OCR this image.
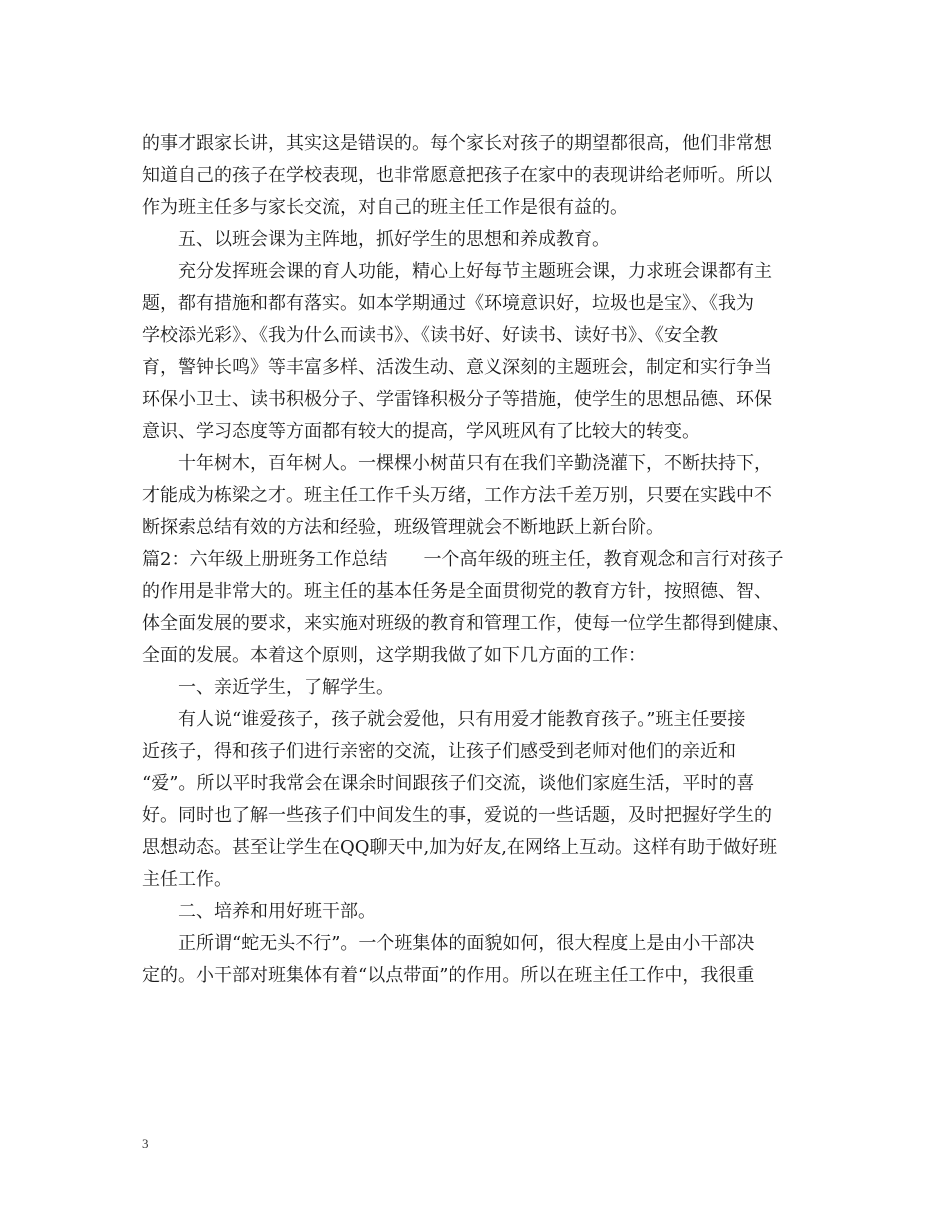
的事才跟家长讲，其实这是错误的。每个家长对孩子的期望都很高，他们非常想
知道自己的孩子在学校表现，也非常愿意把孩子在家中的表现讲给老师听。所以
作为班主任多与家长交流，对自己的班主任工作是很有益的。
五、以班会课为主阵地，抓好学生的思想和养成教育。
充分发挥班会课的育人功能，精心上好每节主题班会课，力求班会课都有主
题，都有措施和都有落实。如本学期通过《环境意识好，垃圾也是宝》、《我为
学校添光彩》、《我为什么而读书》、《读书好、好读书、读好书》、《安全教
育，警钟长鸣》等丰富多样、活泼生动、意义深刻的主题班会，制定和实行争当
环保小卫士、读书积极分子、学雷锋积极分子等措施，使学生的思想品德、环保
意识、学习态度等方面都有较大的提高，学风班风有了比较大的转变。
十年树木，百年树人。一棵棵小树苗只有在我们辛勤浇灌下，不断扶持下，
才能成为栋梁之才。班主任工作千头万绪，工作方法千差万别，只要在实践中不
断探索总结有效的方法和经验，班级管理就会不断地跃上新台阶。
篇2：六年级上册班务工作总结　　一个高年级的班主任，教育观念和言行对孩子
的作用是非常大的。班主任的基本任务是全面贯彻党的教育方针，按照德、智、
体全面发展的要求，来实施对班级的教育和管理工作，使每一位学生都得到健康、
全面的发展。本着这个原则，这学期我做了如下几方面的工作：
一、亲近学生，了解学生。
有人说“谁爱孩子，孩子就会爱他，只有用爱才能教育孩子。”班主任要接
近孩子，得和孩子们进行亲密的交流，让孩子们感受到老师对他们的亲近和
“爱”。所以平时我常会在课余时间跟孩子们交流，谈他们家庭生活，平时的喜
好。同时也了解一些孩子们中间发生的事，爱说的一些话题，及时把握好学生的
思想动态。甚至让学生在QQ聊天中,加为好友,在网络上互动。这样有助于做好班
主任工作。
二、培养和用好班干部。
正所谓“蛇无头不行”。一个班集体的面貌如何，很大程度上是由小干部决
定的。小干部对班集体有着“以点带面”的作用。所以在班主任工作中，我很重
3
